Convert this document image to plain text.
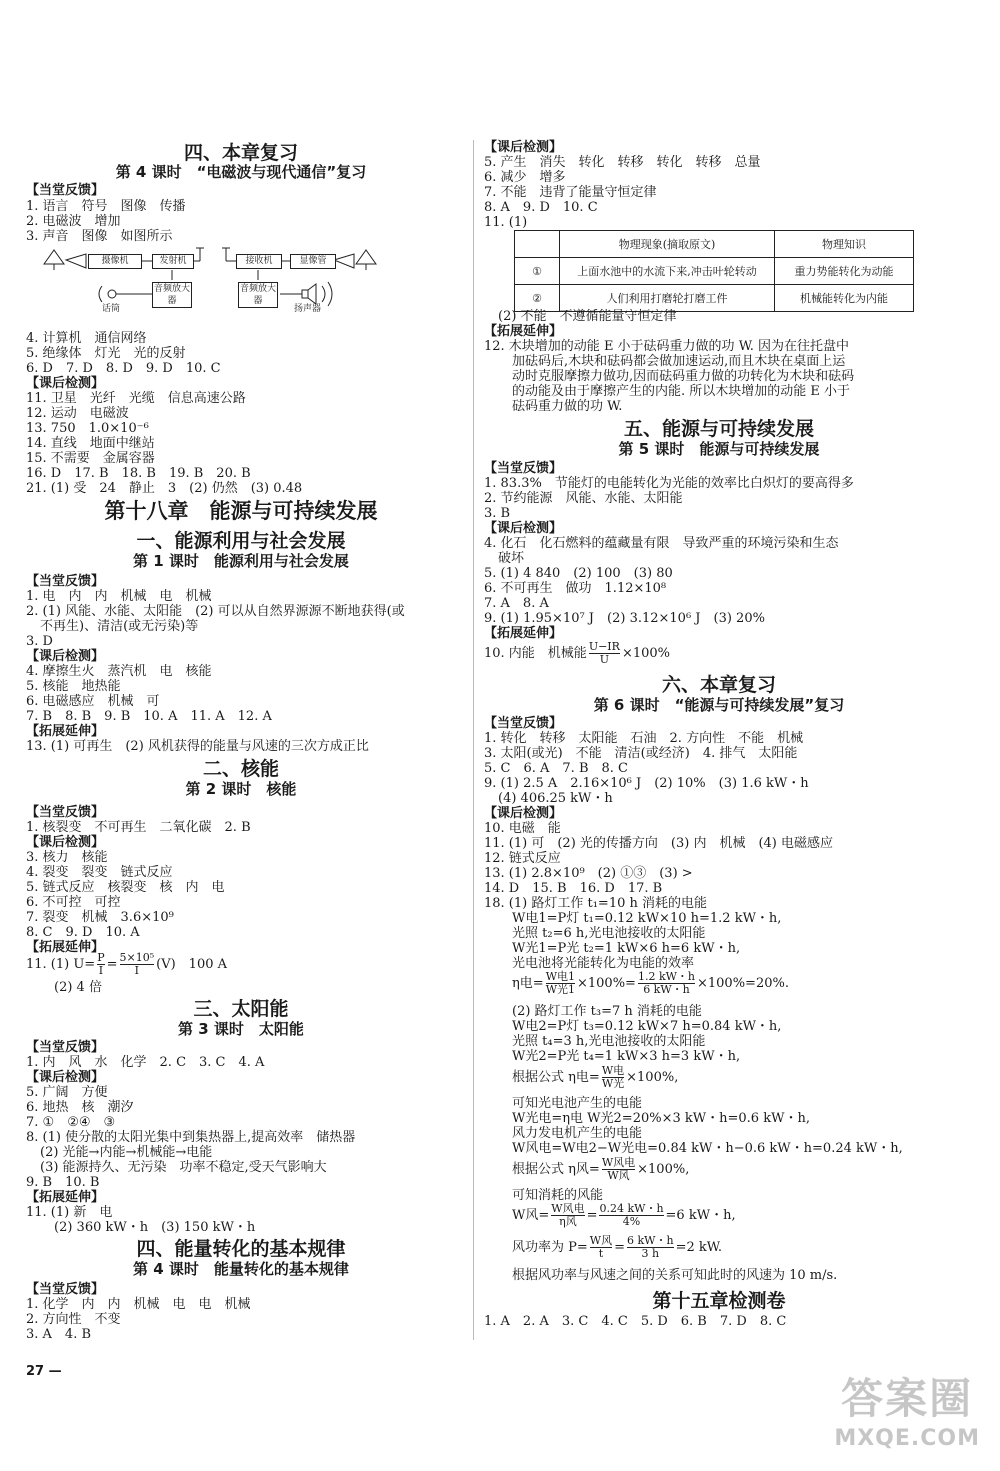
四、本章复习
第 4 课时　“电磁波与现代通信”复习
【当堂反馈】
1. 语言　符号　图像　传播
2. 电磁波　增加
3. 声音　图像　如图所示
摄像机	发射机	接收机	显像管
音频放大器
音频放大器
话筒	扬声器
4. 计算机　通信网络
5. 绝缘体　灯光　光的反射
6. D　7. D　8. D　9. D　10. C
【课后检测】
11. 卫星　光纤　光缆　信息高速公路
12. 运动　电磁波
13. 750　1.0×10⁻⁶
14. 直线　地面中继站
15. 不需要　金属容器
16. D　17. B　18. B　19. B　20. B
21. (1) 受　24　静止　3　(2) 仍然　(3) 0.48
第十八章　能源与可持续发展
一、能源利用与社会发展
第 1 课时　能源利用与社会发展
【当堂反馈】
1. 电　内　内　机械　电　机械
2. (1) 风能、水能、太阳能　(2) 可以从自然界源源不断地获得(或
不再生)、清洁(或无污染)等
3. D
【课后检测】
4. 摩擦生火　蒸汽机　电　核能
5. 核能　地热能
6. 电磁感应　机械　可
7. B　8. B　9. B　10. A　11. A　12. A
【拓展延伸】
13. (1) 可再生　(2) 风机获得的能量与风速的三次方成正比
二、核能
第 2 课时　核能
【当堂反馈】
1. 核裂变　不可再生　二氧化碳　2. B
【课后检测】
3. 核力　核能
4. 裂变　裂变　链式反应
5. 链式反应　核裂变　核　内　电
6. 不可控　可控
7. 裂变　机械　3.6×10⁹
8. C　9. D　10. A
【拓展延伸】
11. (1) $U= \frac{P}{I} = \frac{\text{5×10⁵}}{I} (V)$　100 A
(2) 4 倍
三、太阳能
第 3 课时　太阳能
【当堂反馈】
1. 内　风　水　化学　2. C　3. C　4. A
【课后检测】
5. 广阔　方便
6. 地热　核　潮汐
7. ①　②④　③
8. (1) 使分散的太阳光集中到集热器上,提高效率　储热器
(2) 光能→内能→机械能→电能
(3) 能源持久、无污染　功率不稳定,受天气影响大
9. B　10. B
【拓展延伸】
11. (1) 新　电
(2) 360 kW・h　(3) 150 kW・h
四、能量转化的基本规律
第 4 课时　能量转化的基本规律
【当堂反馈】
1. 化学　内　内　机械　电　电　机械
2. 方向性　不变
3. A　4. B
27 —
【课后检测】
5. 产生　消失　转化　转移　转化　转移　总量
6. 减少　增多
7. 不能　违背了能量守恒定律
8. A　9. D　10. C
11. (1)
	物理现象(摘取原文)	物理知识
①	上面水池中的水流下来,冲击叶轮转动	重力势能转化为动能
②	人们利用打磨轮打磨工件	机械能转化为内能
(2) 不能　不遵循能量守恒定律
【拓展延伸】
12. 木块增加的动能 E 小于砝码重力做的功 W. 因为在往托盘中
加砝码后,木块和砝码都会做加速运动,而且木块在桌面上运
动时克服摩擦力做功,因而砝码重力做的功转化为木块和砝码
的动能及由于摩擦产生的内能. 所以木块增加的动能 E 小于
砝码重力做的功 W.
五、能源与可持续发展
第 5 课时　能源与可持续发展
【当堂反馈】
1. 83.3%　节能灯的电能转化为光能的效率比白炽灯的要高得多
2. 节约能源　风能、水能、太阳能
3. B
【课后检测】
4. 化石　化石燃料的蕴藏量有限　导致严重的环境污染和生态
破坏
5. (1) 4 840　(2) 100　(3) 80
6. 不可再生　做功　1.12×10⁸
7. A　8. A
9. (1) 1.95×10⁷ J　(2) 3.12×10⁶ J　(3) 20%
【拓展延伸】
10. 内能　机械能 $\frac{U-IR}{U} \times 100\%$
六、本章复习
第 6 课时　“能源与可持续发展”复习
【当堂反馈】
1. 转化　转移　太阳能　石油　2. 方向性　不能　机械
3. 太阳(或光)　不能　清洁(或经济)　4. 排气　太阳能
5. C　6. A　7. B　8. C
9. (1) 2.5 A　2.16×10⁶ J　(2) 10%　(3) 1.6 kW・h
(4) 406.25 kW・h
【课后检测】
10. 电磁　能
11. (1) 可　(2) 光的传播方向　(3) 内　机械　(4) 电磁感应
12. 链式反应
13. (1) 2.8×10⁹　(2) ①③　(3) >
14. D　15. B　16. D　17. B
18. (1) 路灯工作 t₁=10 h 消耗的电能
W电1=P灯 t₁=0.12 kW×10 h=1.2 kW・h,
光照 t₂=6 h,光电池接收的太阳能
W光1=P光 t₂=1 kW×6 h=6 kW・h,
光电池将光能转化为电能的效率
η电= $\frac{\text{W电1}}{\text{W光1}} \times 100\%= \frac{1.2 kW・h}{6 kW・h} \times 100\%=20\%$.
(2) 路灯工作 t₃=7 h 消耗的电能
W电2=P灯 t₃=0.12 kW×7 h=0.84 kW・h,
光照 t₄=3 h,光电池接收的太阳能
W光2=P光 t₄=1 kW×3 h=3 kW・h,
根据公式 η电= $\frac{\text{W电}}{\text{W光}} \times 100\%$,
可知光电池产生的电能
W光电=η电 W光2=20%×3 kW・h=0.6 kW・h,
风力发电机产生的电能
W风电=W电2−W光电=0.84 kW・h−0.6 kW・h=0.24 kW・h,
根据公式 η风= $\frac{\text{W风电}}{\text{W风}} \times 100\%$,
可知消耗的风能
W风= $\frac{\text{W风电}}{\text{η风}} = \frac{0.24 kW・h}{4\%} =6$ kW・h,
风功率为 $P= \frac{\text{W风}}{t} = \frac{6 kW・h}{3 h} =2$ kW.
根据风功率与风速之间的关系可知此时的风速为 10 m/s.
第十五章检测卷
1. A　2. A　3. C　4. C　5. D　6. B　7. D　8. C
答案圈
MXQE.COM
